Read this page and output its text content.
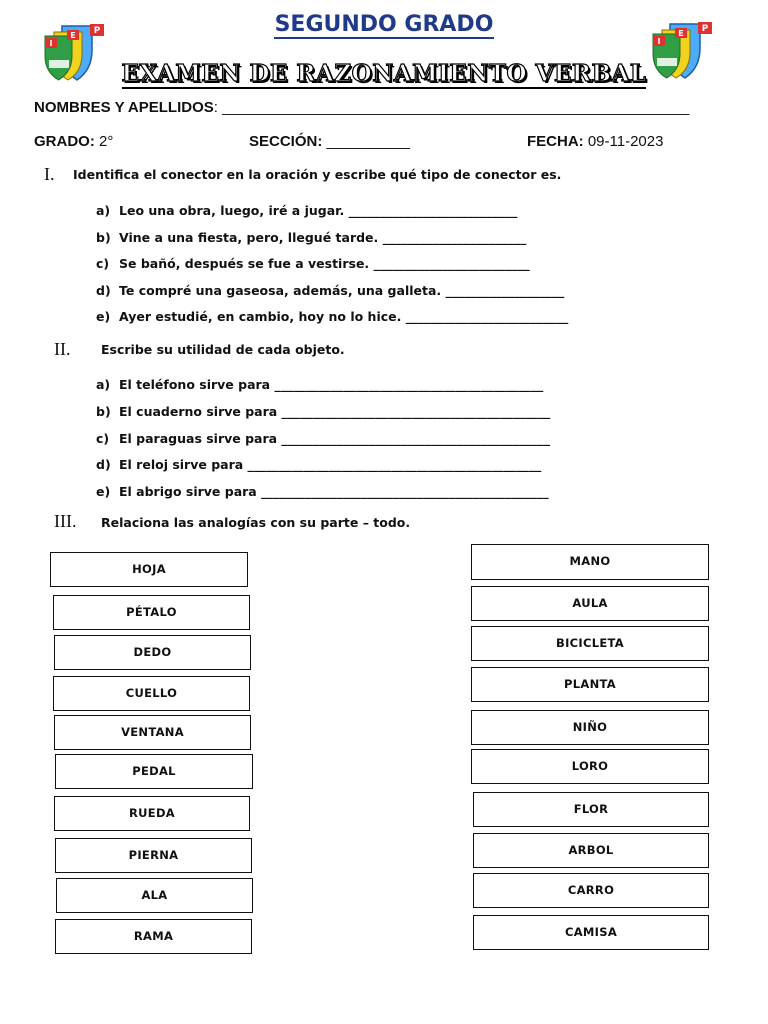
I
E P
I
E P
SEGUNDO GRADO
EXAMEN DE RAZONAMIENTO VERBAL
NOMBRES Y APELLIDOS: ________________________________________________________
GRADO: 2°	SECCIÓN: __________	FECHA: 09-11-2023
I. Identifica el conector en la oración y escribe qué tipo de conector es.
a) Leo una obra, luego, iré a jugar. ___________________________
b) Vine a una fiesta, pero, llegué tarde. _______________________
c) Se bañó, después se fue a vestirse. _________________________
d) Te compré una gaseosa, además, una galleta. ___________________
e) Ayer estudié, en cambio, hoy no lo hice. __________________________
II. Escribe su utilidad de cada objeto.
a) El teléfono sirve para ___________________________________________
b) El cuaderno sirve para ___________________________________________
c) El paraguas sirve para ___________________________________________
d) El reloj sirve para _______________________________________________
e) El abrigo sirve para ______________________________________________
III. Relaciona las analogías con su parte – todo.
HOJA
PÉTALO
DEDO
CUELLO
VENTANA
PEDAL
RUEDA
PIERNA
ALA
RAMA
MANO
AULA
BICICLETA
PLANTA
NIÑO
LORO
FLOR
ARBOL
CARRO
CAMISA
